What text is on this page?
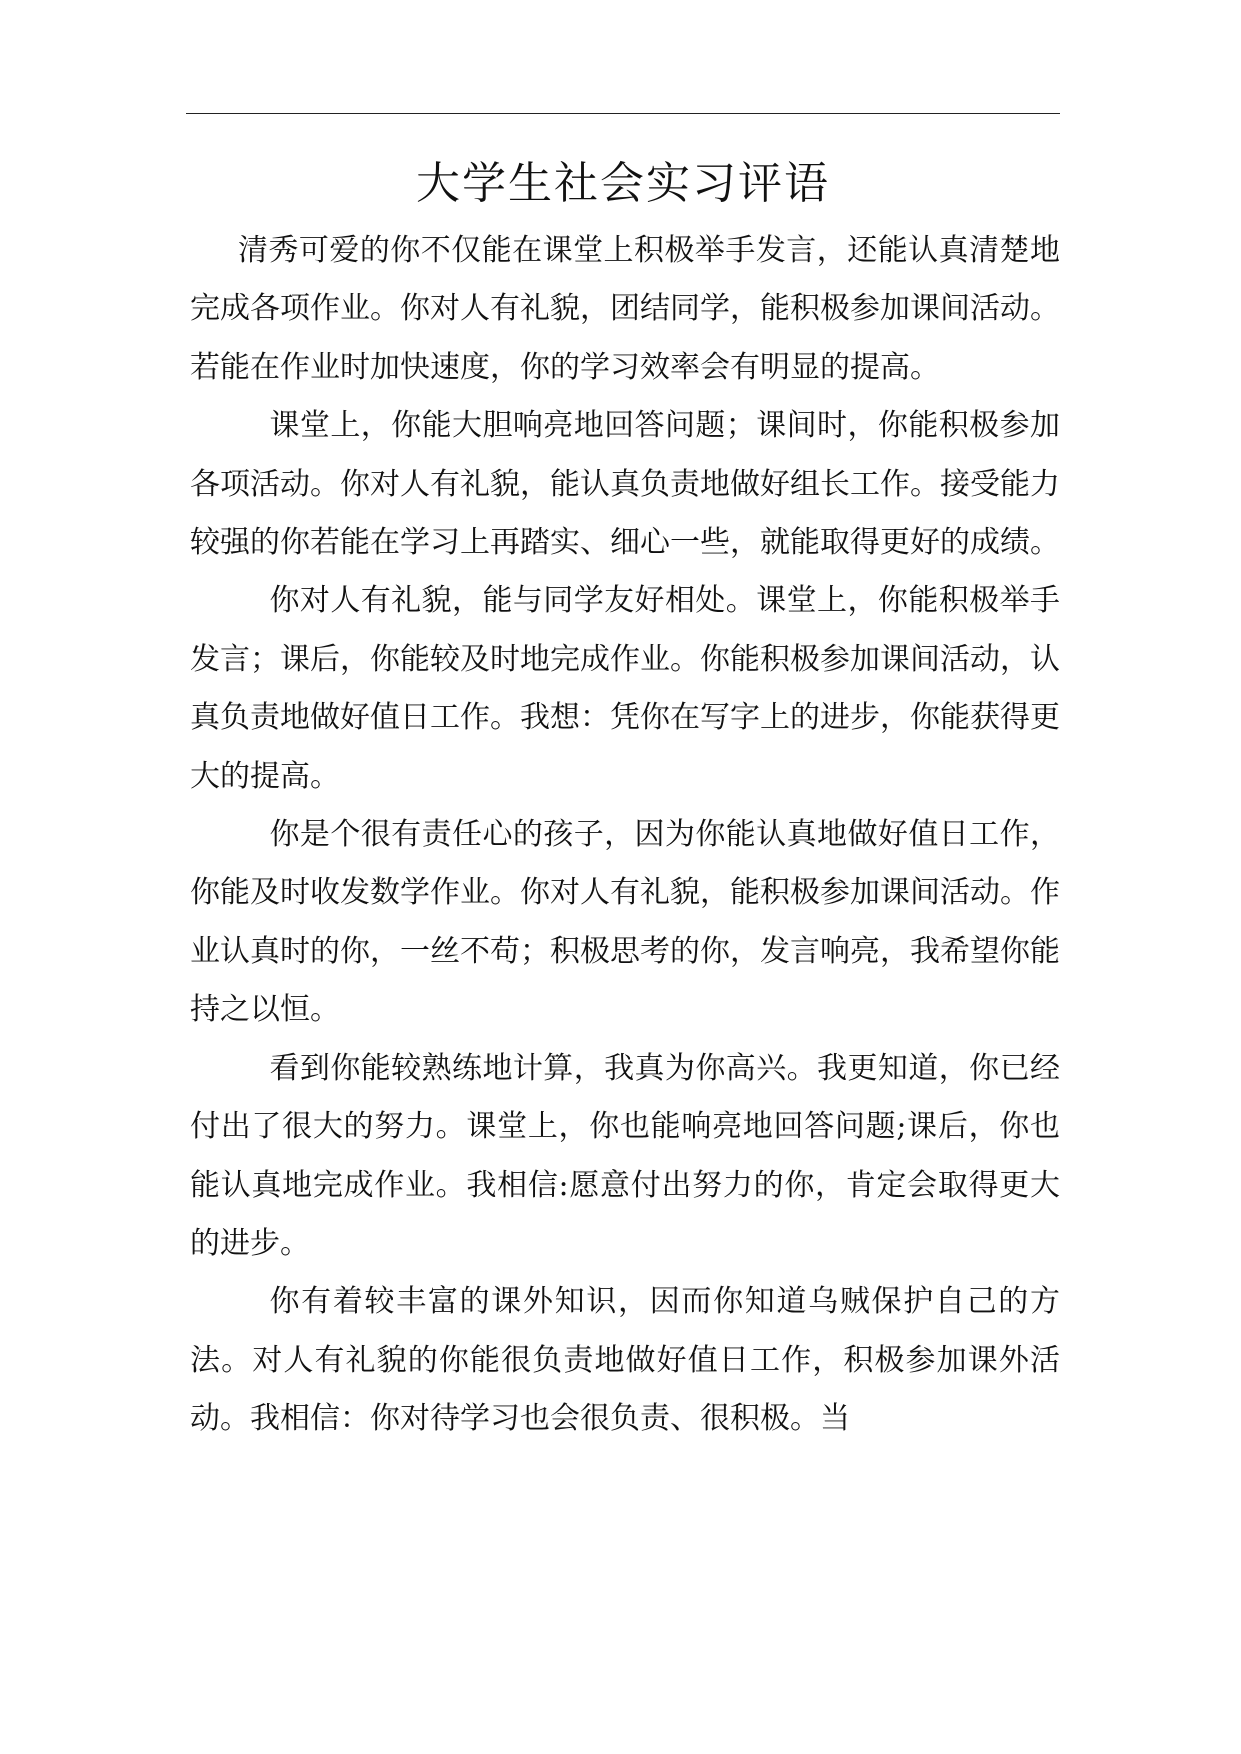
大学生社会实习评语

清秀可爱的你不仅能在课堂上积极举手发言，还能认真清楚地完成各项作业。你对人有礼貌，团结同学，能积极参加课间活动。若能在作业时加快速度，你的学习效率会有明显的提高。

课堂上，你能大胆响亮地回答问题；课间时，你能积极参加各项活动。你对人有礼貌，能认真负责地做好组长工作。接受能力较强的你若能在学习上再踏实、细心一些，就能取得更好的成绩。

你对人有礼貌，能与同学友好相处。课堂上，你能积极举手发言；课后，你能较及时地完成作业。你能积极参加课间活动，认真负责地做好值日工作。我想：凭你在写字上的进步，你能获得更大的提高。

你是个很有责任心的孩子，因为你能认真地做好值日工作，你能及时收发数学作业。你对人有礼貌，能积极参加课间活动。作业认真时的你，一丝不苟；积极思考的你，发言响亮，我希望你能持之以恒。

看到你能较熟练地计算，我真为你高兴。我更知道，你已经付出了很大的努力。课堂上，你也能响亮地回答问题;课后，你也能认真地完成作业。我相信:愿意付出努力的你，肯定会取得更大的进步。

你有着较丰富的课外知识，因而你知道乌贼保护自己的方法。对人有礼貌的你能很负责地做好值日工作，积极参加课外活动。我相信：你对待学习也会很负责、很积极。当
